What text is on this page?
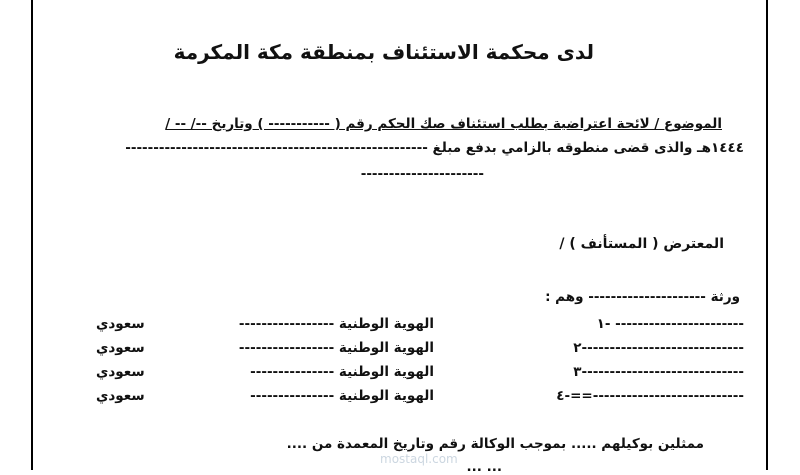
لدى محكمة الاستئناف بمنطقة مكة المكرمة
الموضوع / لائحة اعتراضية بطلب استئناف صك الحكم رقم ( ----------- ) وتاريخ --/ -- /
١٤٤٤هـ والذى قضى منطوقه بالزامي بدفع مبلغ ------------------------------------------------------
----------------------
المعترض ( المستأنف ) /
ورثة --------------------- وهم :
١- -----------------------
الهوية الوطنية -----------------
سعودي
٢-----------------------------
الهوية الوطنية -----------------
سعودي
٣-----------------------------
الهوية الوطنية ---------------
سعودي
٤-==---------------------------
الهوية الوطنية ---------------
سعودي
ممثلين بوكيلهم ..... بموجب الوكالة رقم وتاريخ المعمدة من ....
... ...
mostaql.com
